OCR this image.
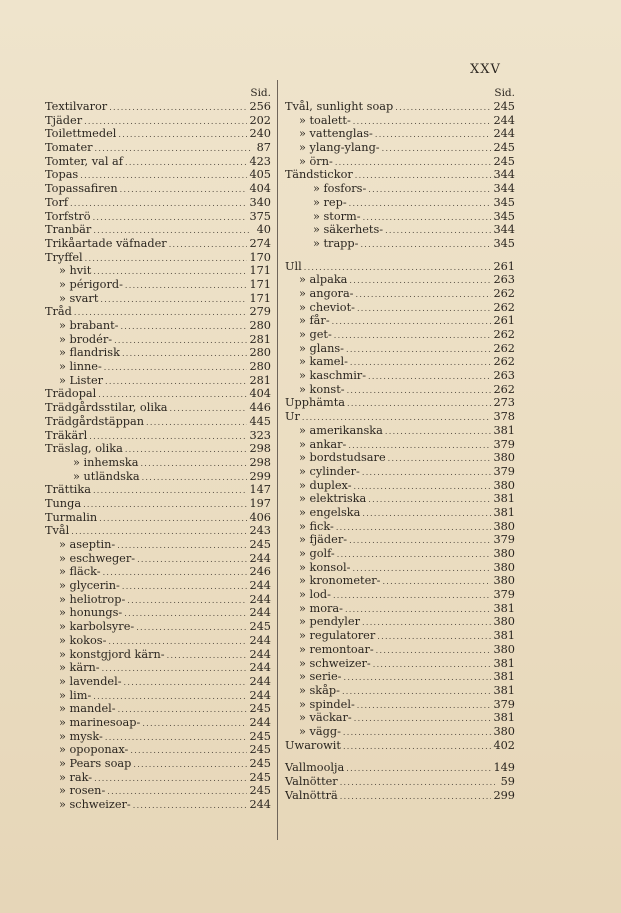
XXV
Sid.
Textilvaror .....	256
Tjäder .....	202
Toilettmedel .....	240
Tomater .....	87
Tomter, val af .....	423
Topas .....	405
Topassafiren .....	404
Torf .....	340
Torfströ .....	375
Tranbär .....	40
Trikåartade väfnader .....	274
Tryffel .....	170
» hvit .....	171
» périgord- .....	171
» svart .....	171
Tråd .....	279
» brabant- .....	280
» brodér- .....	281
» flandrisk .....	280
» linne- .....	280
» Lister .....	281
Trädopal .....	404
Trädgårdsstilar, olika .....	446
Trädgårdstäppan .....	445
Träkärl .....	323
Träslag, olika .....	298
» inhemska .....	298
» utländska .....	299
Trättika .....	147
Tunga .....	197
Turmalin .....	406
Tvål .....	243
» aseptin- .....	245
» eschweger- .....	244
» fläck- .....	246
» glycerin- .....	244
» heliotrop- .....	244
» honungs- .....	244
» karbolsyre- .....	245
» kokos- .....	244
» konstgjord kärn- .....	244
» kärn- .....	244
» lavendel- .....	244
» lim- .....	244
» mandel- .....	245
» marinesoap- .....	244
» mysk- .....	245
» opoponax- .....	245
» Pears soap .....	245
» rak- .....	245
» rosen- .....	245
» schweizer- .....	244
Sid.
Tvål, sunlight soap .....	245
» toalett- .....	244
» vattenglas- .....	244
» ylang-ylang- .....	245
» örn- .....	245
Tändstickor .....	344
» fosfors- .....	344
» rep- .....	345
» storm- .....	345
» säkerhets- .....	344
» trapp- .....	345
Ull .....	261
» alpaka .....	263
» angora- .....	262
» cheviot- .....	262
» får- .....	261
» get- .....	262
» glans- .....	262
» kamel- .....	262
» kaschmir- .....	263
» konst- .....	262
Upphämta .....	273
Ur .....	378
» amerikanska .....	381
» ankar- .....	379
» bordstudsare .....	380
» cylinder- .....	379
» duplex- .....	380
» elektriska .....	381
» engelska .....	381
» fick- .....	380
» fjäder- .....	379
» golf- .....	380
» konsol- .....	380
» kronometer- .....	380
» lod- .....	379
» mora- .....	381
» pendyler .....	380
» regulatorer .....	381
» remontoar- .....	380
» schweizer- .....	381
» serie- .....	381
» skåp- .....	381
» spindel- .....	379
» väckar- .....	381
» vägg- .....	380
Uwarowit .....	402
Vallmoolja .....	149
Valnötter .....	59
Valnötträ .....	299
